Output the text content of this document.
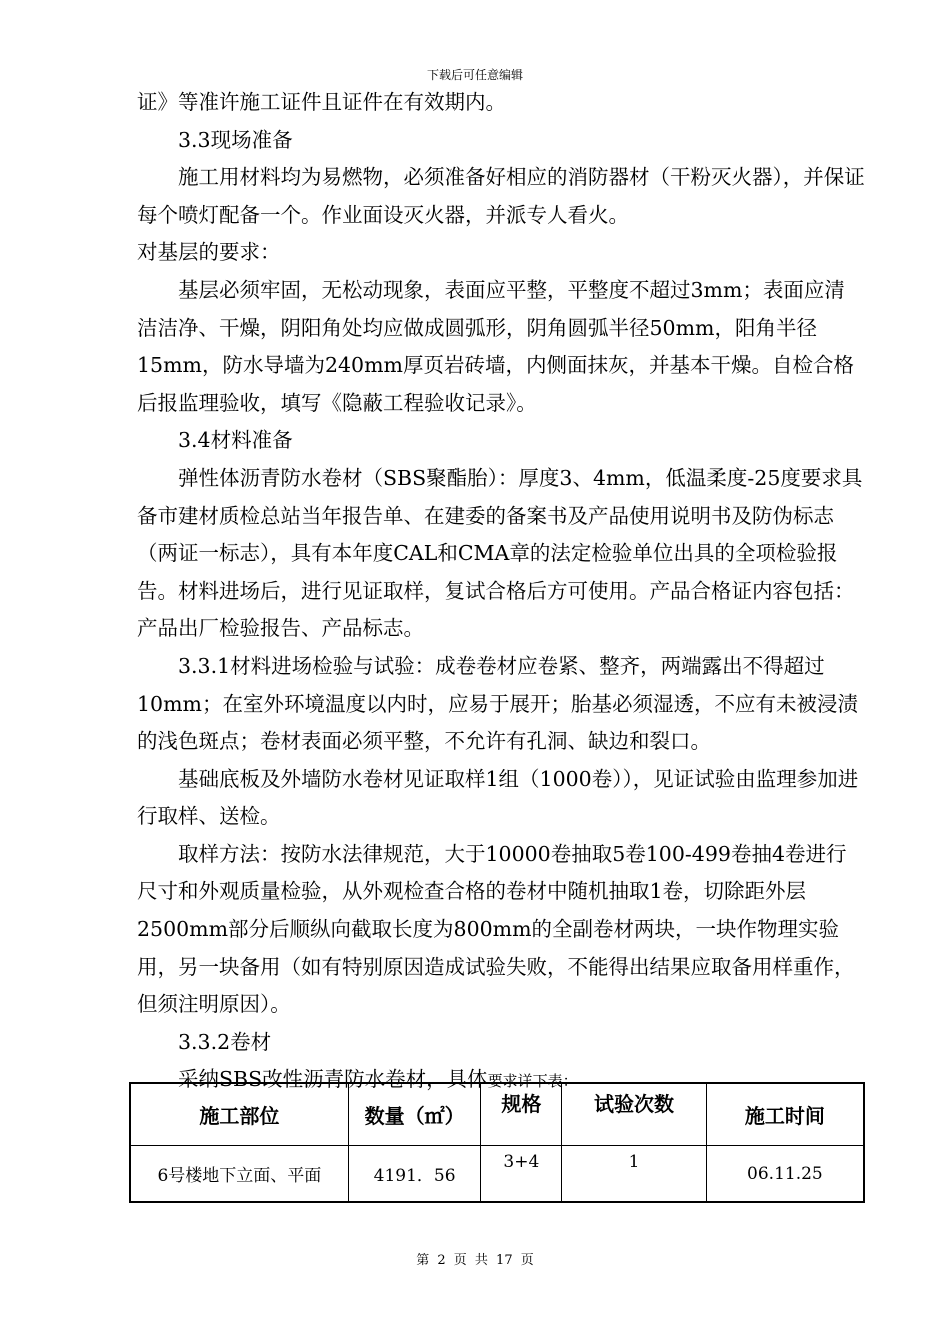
下载后可任意编辑

证》等准许施工证件且证件在有效期内。

3.3现场准备

施工用材料均为易燃物，必须准备好相应的消防器材（干粉灭火器），并保证每个喷灯配备一个。作业面设灭火器，并派专人看火。

对基层的要求：

基层必须牢固，无松动现象，表面应平整，平整度不超过3mm；表面应清洁洁净、干燥，阴阳角处均应做成圆弧形，阴角圆弧半径50mm，阳角半径15mm，防水导墙为240mm厚页岩砖墙，内侧面抹灰，并基本干燥。自检合格后报监理验收，填写《隐蔽工程验收记录》。

3.4材料准备

弹性体沥青防水卷材（SBS聚酯胎）：厚度3、4mm，低温柔度-25度要求具备市建材质检总站当年报告单、在建委的备案书及产品使用说明书及防伪标志（两证一标志），具有本年度CAL和CMA章的法定检验单位出具的全项检验报告。材料进场后，进行见证取样，复试合格后方可使用。产品合格证内容包括：产品出厂检验报告、产品标志。

3.3.1材料进场检验与试验：成卷卷材应卷紧、整齐，两端露出不得超过10mm；在室外环境温度以内时，应易于展开；胎基必须湿透，不应有未被浸渍的浅色斑点；卷材表面必须平整，不允许有孔洞、缺边和裂口。

基础底板及外墙防水卷材见证取样1组（1000卷）），见证试验由监理参加进行取样、送检。

取样方法：按防水法律规范，大于10000卷抽取5卷100-499卷抽4卷进行尺寸和外观质量检验，从外观检查合格的卷材中随机抽取1卷，切除距外层2500mm部分后顺纵向截取长度为800mm的全副卷材两块，一块作物理实验用，另一块备用（如有特别原因造成试验失败，不能得出结果应取备用样重作，但须注明原因）。

3.3.2卷材

采纳SBS改性沥青防水卷材，具体要求详下表：

施工部位	数量（㎡）	规格	试验次数	施工时间
6号楼地下立面、平面	4191．56	3+4	1	06.11.25
第 2 页 共 17 页
